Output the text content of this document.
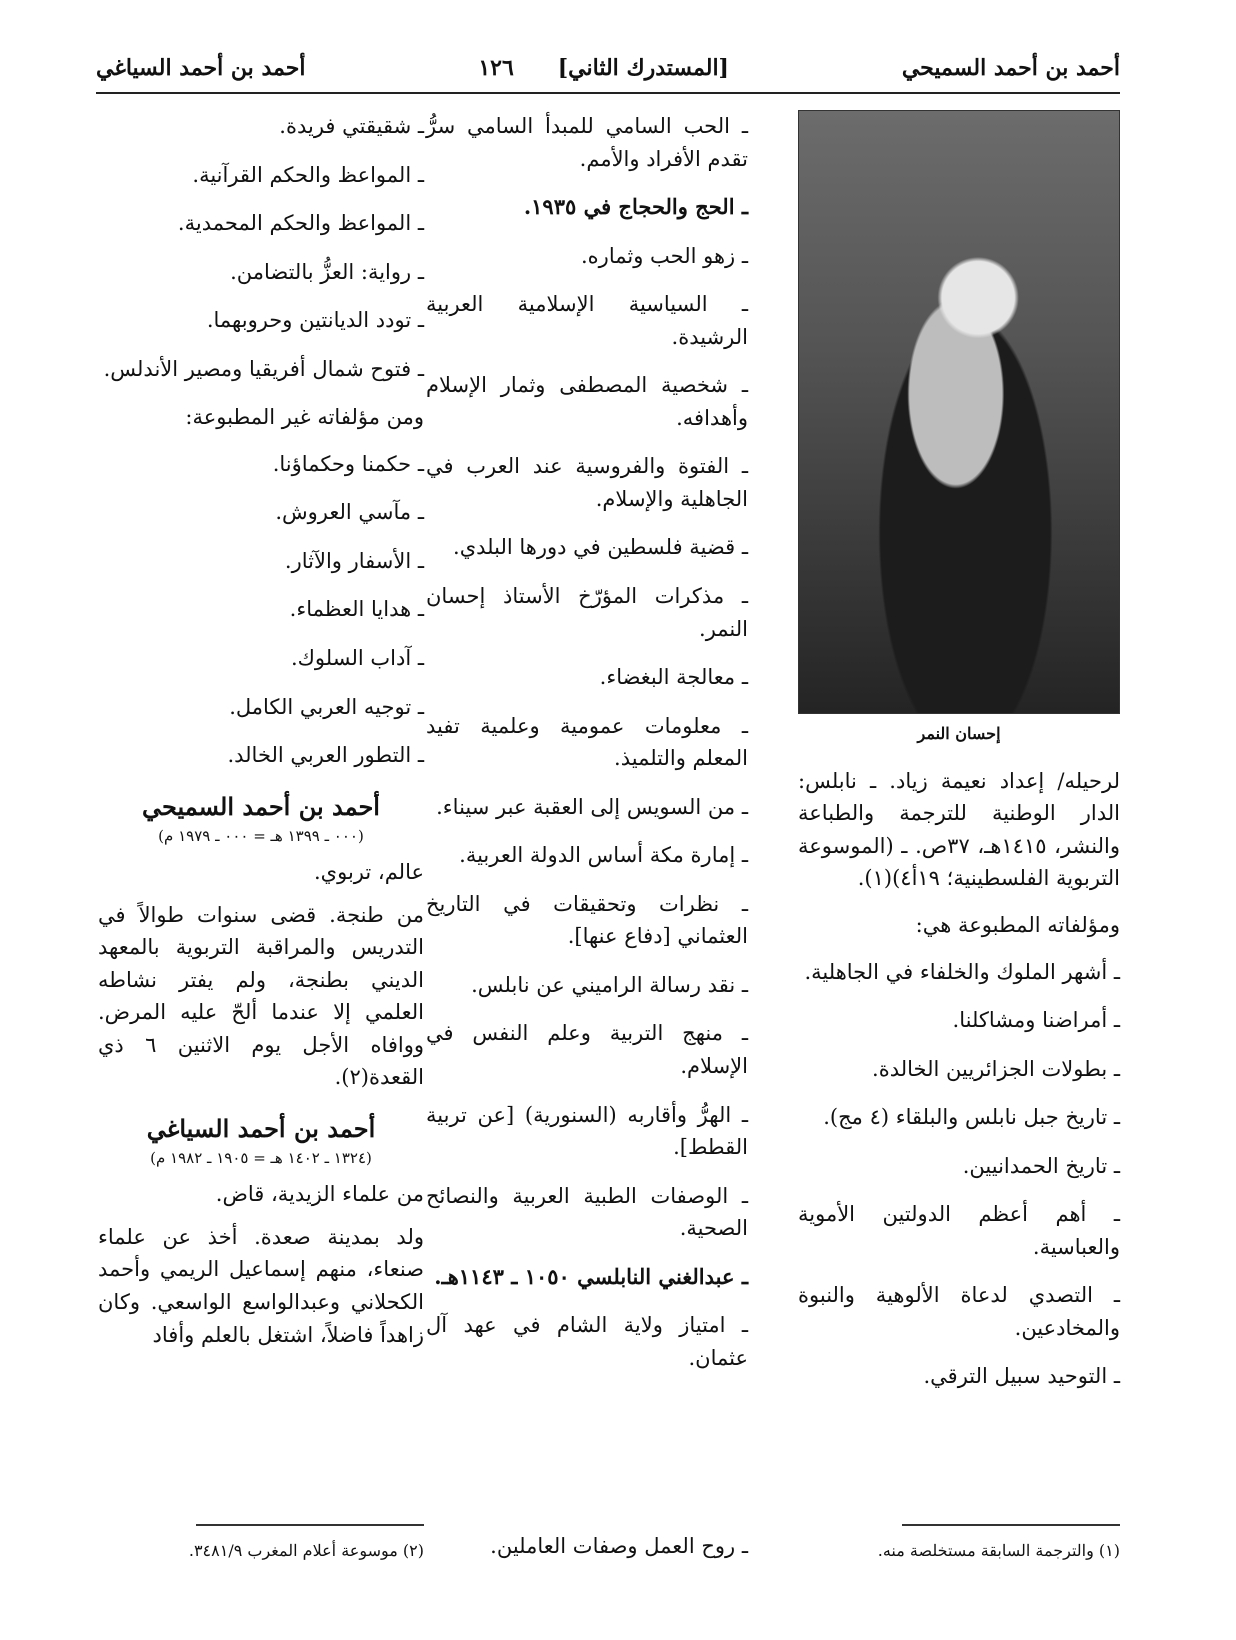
أحمد بن أحمد السميحي
[المستدرك الثاني]
١٢٦
أحمد بن أحمد السياغي
إحسان النمر

لرحيله/ إعداد نعيمة زياد. ـ نابلس: الدار الوطنية للترجمة والطباعة والنشر، ١٤١٥هـ، ٣٧ص. ـ (الموسوعة التربوية الفلسطينية؛ ١٩أ٤)(١).

ومؤلفاته المطبوعة هي:

ـ أشهر الملوك والخلفاء في الجاهلية.
ـ أمراضنا ومشاكلنا.
ـ بطولات الجزائريين الخالدة.
ـ تاريخ جبل نابلس والبلقاء (٤ مج).
ـ تاريخ الحمدانيين.
ـ أهم أعظم الدولتين الأموية والعباسية.
ـ التصدي لدعاة الألوهية والنبوة والمخادعين.
ـ التوحيد سبيل الترقي.
ـ الحب السامي للمبدأ السامي سرُّ تقدم الأفراد والأمم.
ـ الحج والحجاج في ١٩٣٥.
ـ زهو الحب وثماره.
ـ السياسية الإسلامية العربية الرشيدة.
ـ شخصية المصطفى وثمار الإسلام وأهدافه.
ـ الفتوة والفروسية عند العرب في الجاهلية والإسلام.
ـ قضية فلسطين في دورها البلدي.
ـ مذكرات المؤرّخ الأستاذ إحسان النمر.
ـ معالجة البغضاء.
ـ معلومات عمومية وعلمية تفيد المعلم والتلميذ.
ـ من السويس إلى العقبة عبر سيناء.
ـ إمارة مكة أساس الدولة العربية.
ـ نظرات وتحقيقات في التاريخ العثماني [دفاع عنها].
ـ نقد رسالة الراميني عن نابلس.
ـ منهج التربية وعلم النفس في الإسلام.
ـ الهرُّ وأقاربه (السنورية) [عن تربية القطط].
ـ الوصفات الطبية العربية والنصائح الصحية.
ـ عبدالغني النابلسي ١٠٥٠ ـ ١١٤٣هـ.
ـ امتياز ولاية الشام في عهد آل عثمان.
ـ شقيقتي فريدة.
ـ المواعظ والحكم القرآنية.
ـ المواعظ والحكم المحمدية.
ـ رواية: العزُّ بالتضامن.
ـ تودد الديانتين وحروبهما.
ـ فتوح شمال أفريقيا ومصير الأندلس.

ومن مؤلفاته غير المطبوعة:

ـ حكمنا وحكماؤنا.
ـ مآسي العروش.
ـ الأسفار والآثار.
ـ هدايا العظماء.
ـ آداب السلوك.
ـ توجيه العربي الكامل.
ـ التطور العربي الخالد.
أحمد بن أحمد السميحي
(٠٠٠ ـ ١٣٩٩ هـ = ٠٠٠ ـ ١٩٧٩ م)
عالم، تربوي.

من طنجة. قضى سنوات طوالاً في التدريس والمراقبة التربوية بالمعهد الديني بطنجة، ولم يفتر نشاطه العلمي إلا عندما ألحّ عليه المرض. ووافاه الأجل يوم الاثنين ٦ ذي القعدة(٢).

أحمد بن أحمد السياغي
(١٣٢٤ ـ ١٤٠٢ هـ = ١٩٠٥ ـ ١٩٨٢ م)
من علماء الزيدية، قاض.

ولد بمدينة صعدة. أخذ عن علماء صنعاء، منهم إسماعيل الريمي وأحمد الكحلاني وعبدالواسع الواسعي. وكان زاهداً فاضلاً، اشتغل بالعلم وأفاد

(١) والترجمة السابقة مستخلصة منه.
ـ روح العمل وصفات العاملين.
(٢) موسوعة أعلام المغرب ٣٤٨١/٩.
